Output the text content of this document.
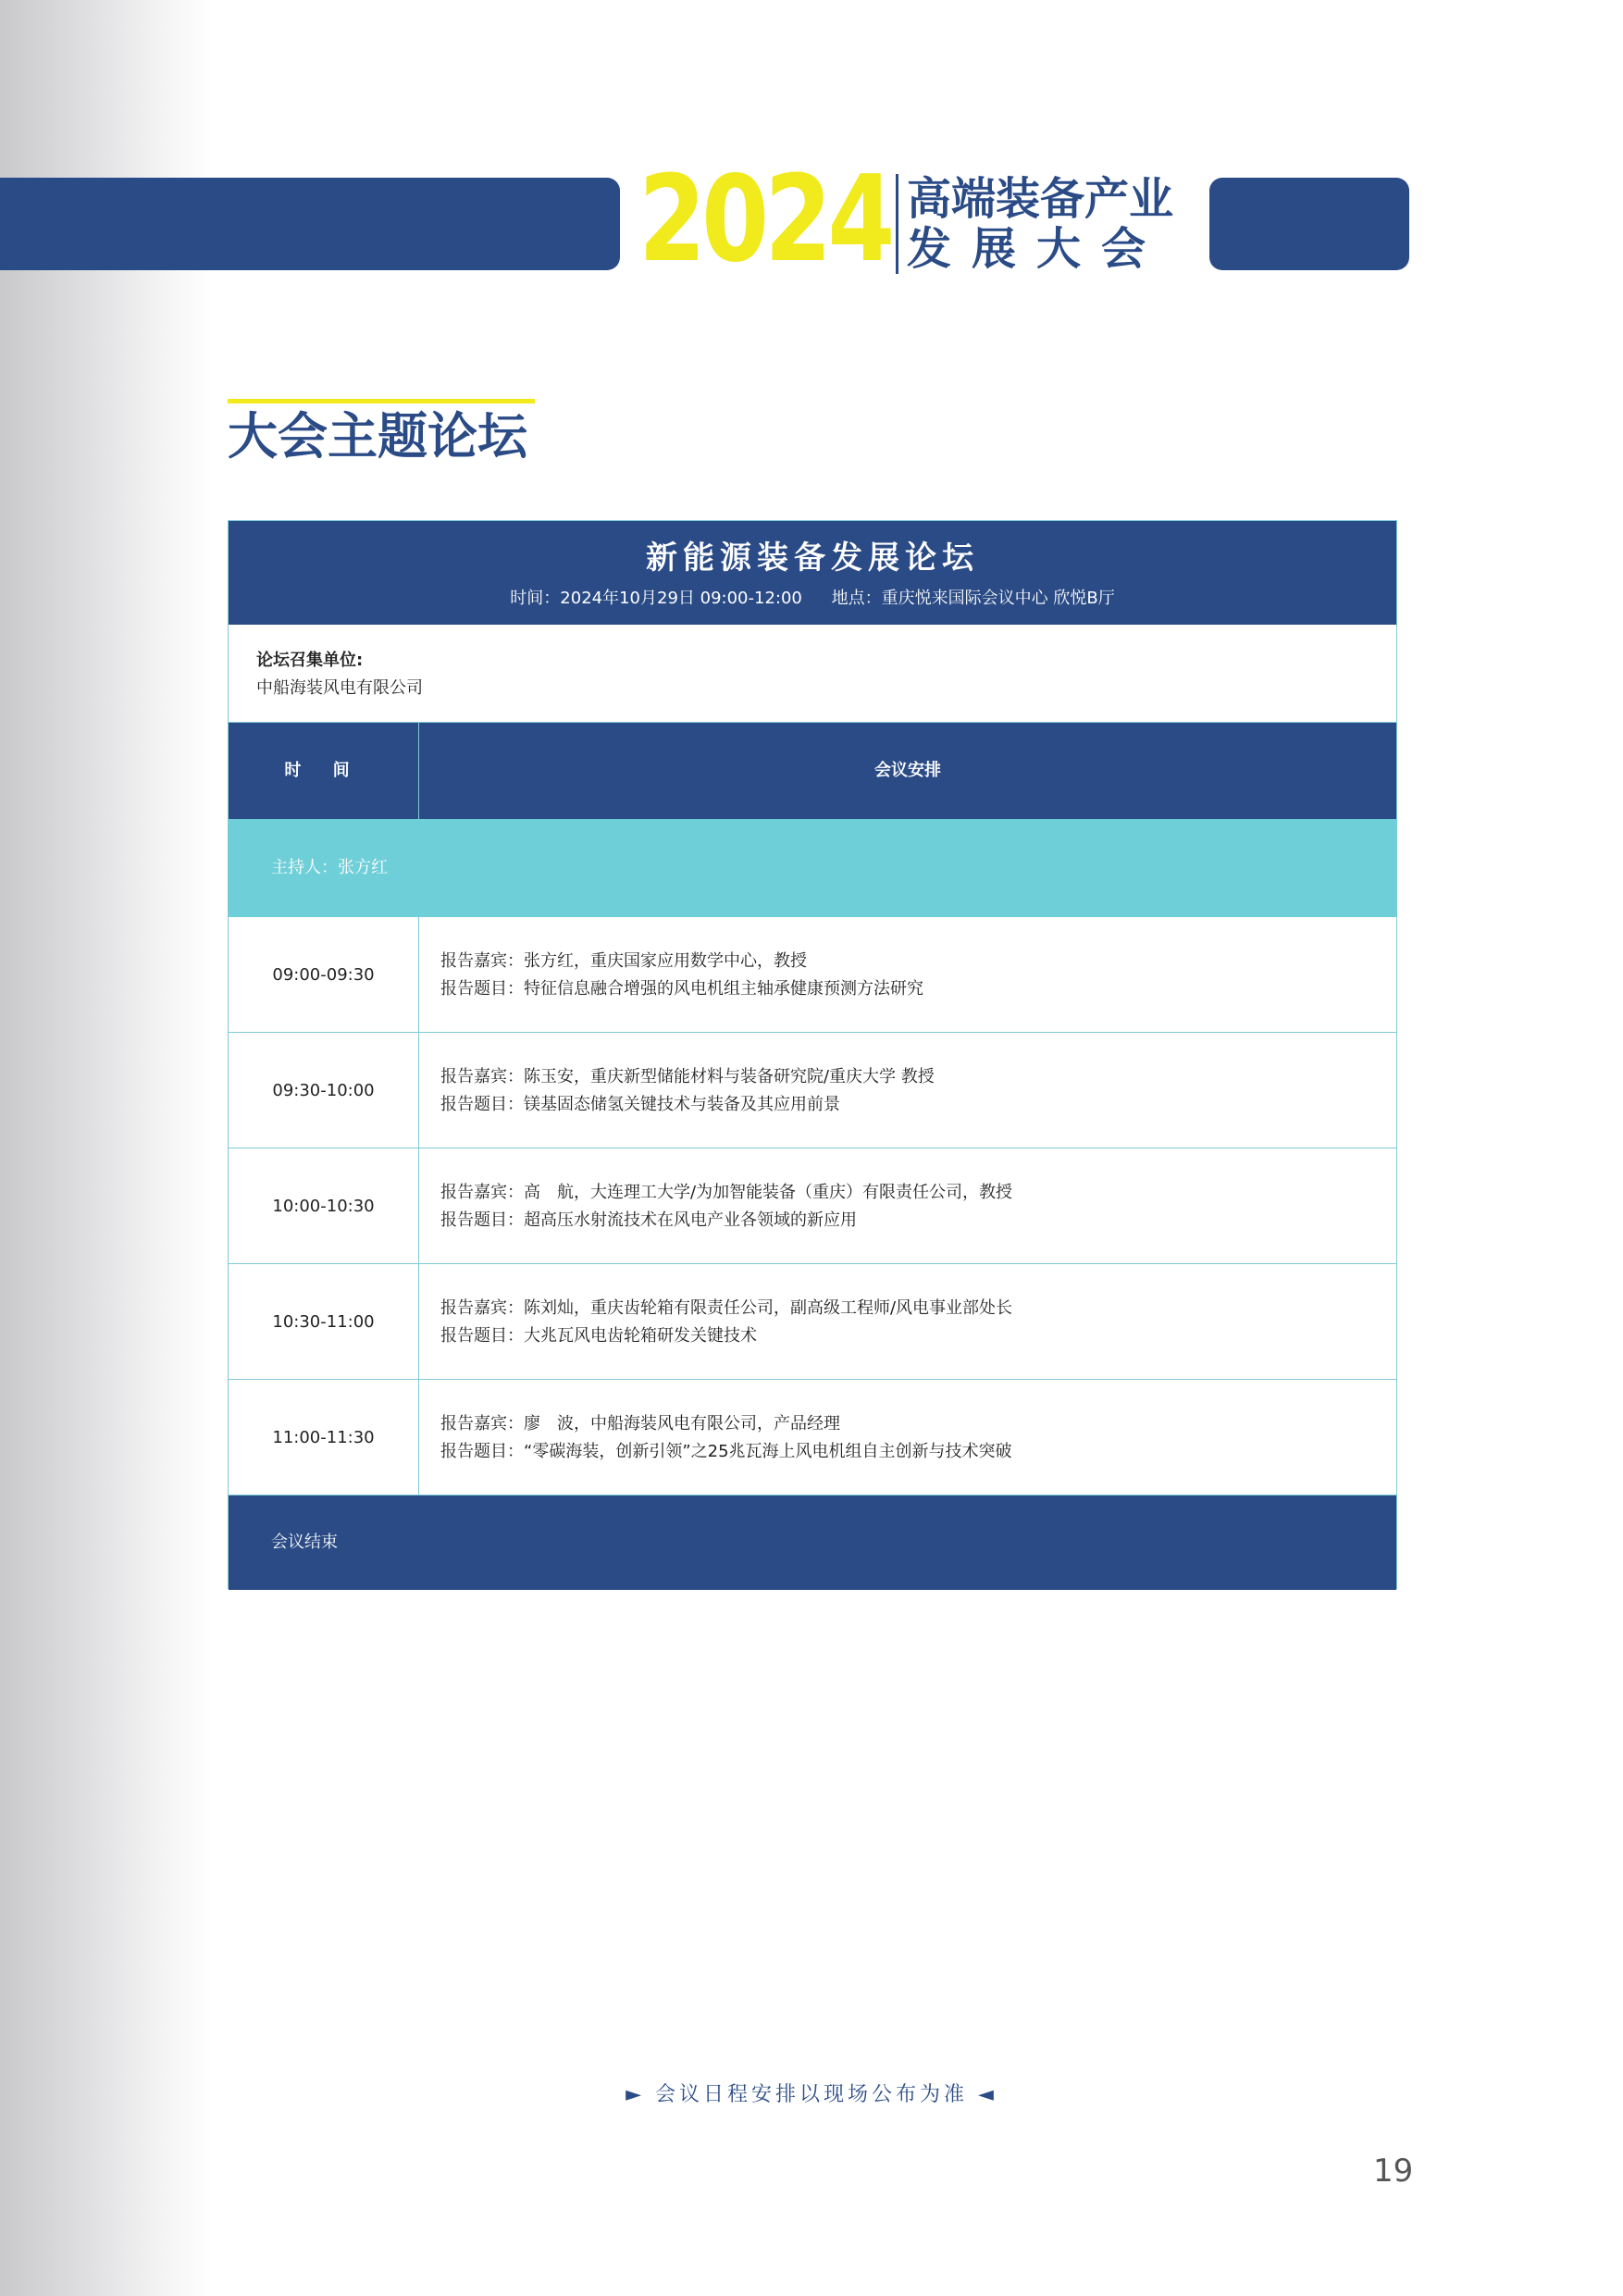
2024 高端装备产业
发展大会
大会主题论坛
新能源装备发展论坛
时间：2024年10月29日 09:00-12:00 地点：重庆悦来国际会议中心 欣悦B厅
论坛召集单位:
中船海装风电有限公司
时 间	会议安排
主持人：张方红
09:00-09:30
报告嘉宾：张方红，重庆国家应用数学中心，教授
报告题目：特征信息融合增强的风电机组主轴承健康预测方法研究
09:30-10:00
报告嘉宾：陈玉安，重庆新型储能材料与装备研究院/重庆大学 教授
报告题目：镁基固态储氢关键技术与装备及其应用前景
10:00-10:30
报告嘉宾：高　航，大连理工大学/为加智能装备（重庆）有限责任公司，教授
报告题目：超高压水射流技术在风电产业各领域的新应用
10:30-11:00
报告嘉宾：陈刘灿，重庆齿轮箱有限责任公司，副高级工程师/风电事业部处长
报告题目：大兆瓦风电齿轮箱研发关键技术
11:00-11:30
报告嘉宾：廖　波，中船海装风电有限公司，产品经理
报告题目：“零碳海装，创新引领”之25兆瓦海上风电机组自主创新与技术突破
会议结束
► 会议日程安排以现场公布为准 ◄
19
